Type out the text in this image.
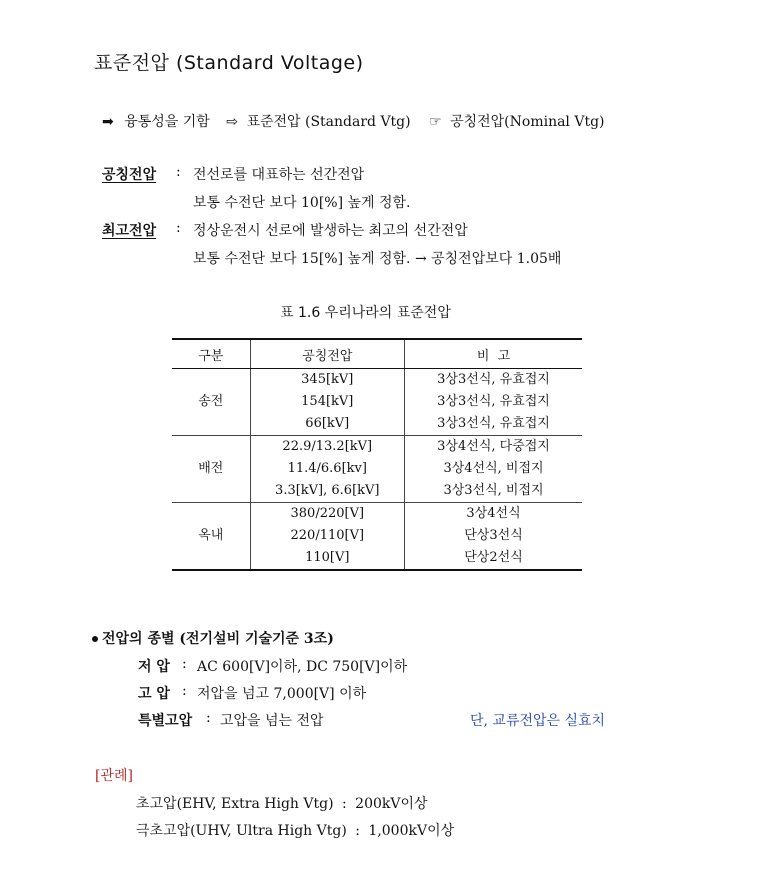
표준전압 (Standard Voltage)
➡ 융통성을 기함 ⇨ 표준전압 (Standard Vtg) ☞ 공칭전압(Nominal Vtg)
공칭전압 : 전선로를 대표하는 선간전압
보통 수전단 보다 10[%] 높게 정함.
최고전압 : 정상운전시 선로에 발생하는 최고의 선간전압
보통 수전단 보다 15[%] 높게 정함. → 공칭전압보다 1.05배
표 1.6 우리나라의 표준전압
구분	공칭전압	비  고
송전	345[kV]	3상3선식, 유효접지
	154[kV]	3상3선식, 유효접지
	66[kV]	3상3선식, 유효접지
배전	22.9/13.2[kV]	3상4선식, 다중접지
	11.4/6.6[kv]	3상4선식, 비접지
	3.3[kV], 6.6[kV]	3상3선식, 비접지
옥내	380/220[V]	3상4선식
	220/110[V]	단상3선식
	110[V]	단상2선식
전압의 종별 (전기설비 기술기준 3조)
저 압 : AC 600[V]이하, DC 750[V]이하
고 압 : 저압을 넘고 7,000[V] 이하
특별고압 : 고압을 넘는 전압	단, 교류전압은 실효치
[관례]
초고압(EHV, Extra High Vtg) : 200kV이상
극초고압(UHV, Ultra High Vtg) : 1,000kV이상
